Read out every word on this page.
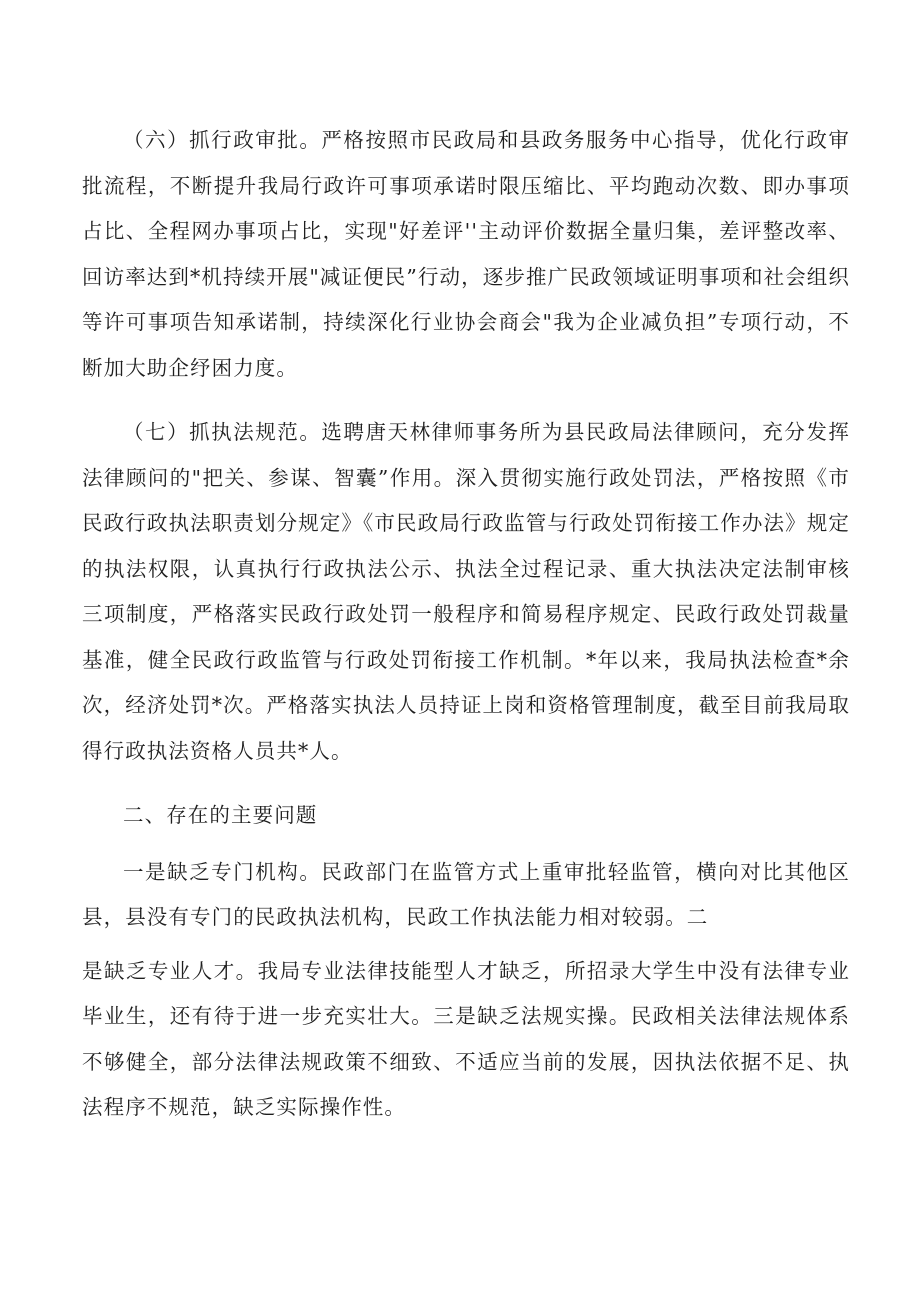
（六）抓行政审批。严格按照市民政局和县政务服务中心指导，优化行政审批流程，不断提升我局行政许可事项承诺时限压缩比、平均跑动次数、即办事项占比、全程网办事项占比，实现"好差评''主动评价数据全量归集，差评整改率、回访率达到*机持续开展"减证便民”行动，逐步推广民政领域证明事项和社会组织等许可事项告知承诺制，持续深化行业协会商会"我为企业减负担”专项行动，不断加大助企纾困力度。

（七）抓执法规范。选聘唐天林律师事务所为县民政局法律顾问，充分发挥法律顾问的"把关、参谋、智囊”作用。深入贯彻实施行政处罚法，严格按照《市民政行政执法职责划分规定》《市民政局行政监管与行政处罚衔接工作办法》规定的执法权限，认真执行行政执法公示、执法全过程记录、重大执法决定法制审核三项制度，严格落实民政行政处罚一般程序和简易程序规定、民政行政处罚裁量基准，健全民政行政监管与行政处罚衔接工作机制。*年以来，我局执法检查*余次，经济处罚*次。严格落实执法人员持证上岗和资格管理制度，截至目前我局取得行政执法资格人员共*人。

二、存在的主要问题

一是缺乏专门机构。民政部门在监管方式上重审批轻监管，横向对比其他区县，县没有专门的民政执法机构，民政工作执法能力相对较弱。二

是缺乏专业人才。我局专业法律技能型人才缺乏，所招录大学生中没有法律专业毕业生，还有待于进一步充实壮大。三是缺乏法规实操。民政相关法律法规体系不够健全，部分法律法规政策不细致、不适应当前的发展，因执法依据不足、执法程序不规范，缺乏实际操作性。
